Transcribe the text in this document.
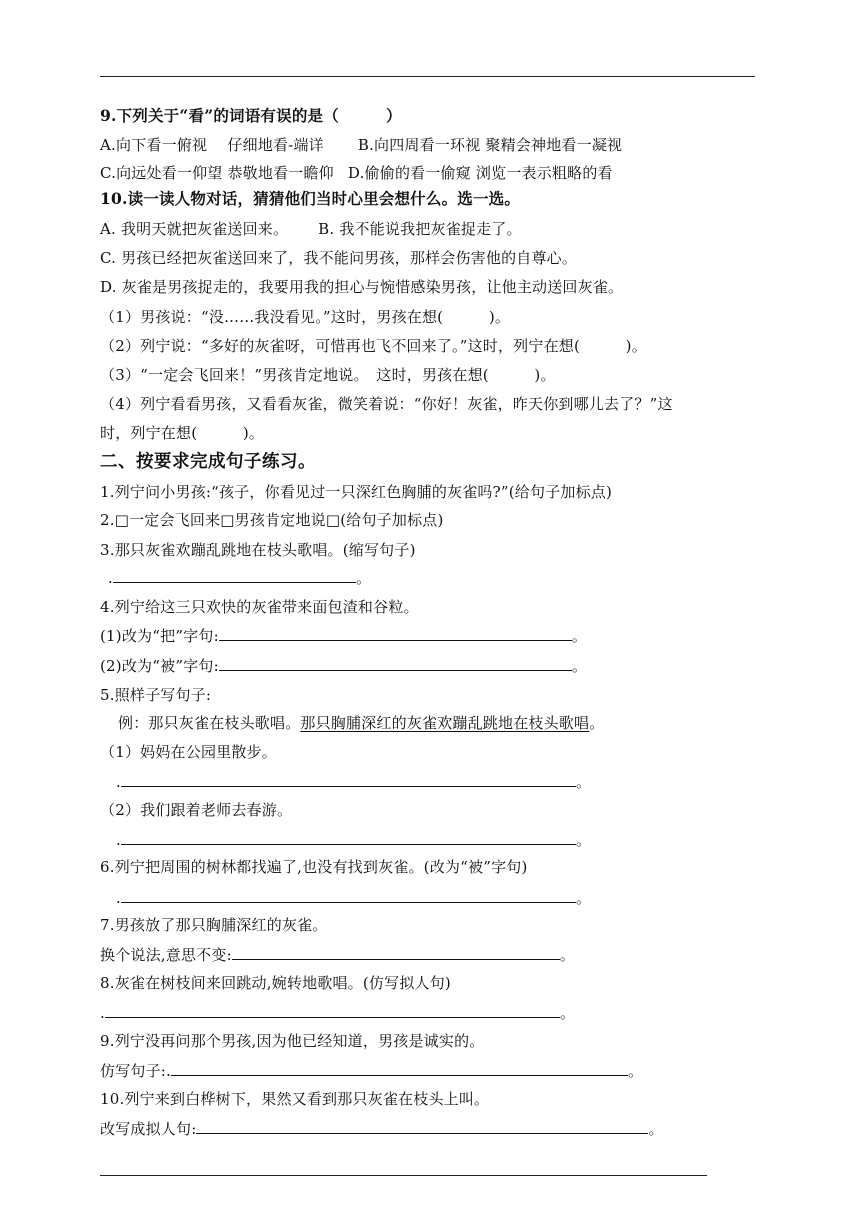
9.下列关于“看”的词语有误的是（　　　）
A.向下看一俯视　 仔细地看-端详 B.向四周看一环视 聚精会神地看一凝视
C.向远处看一仰望 恭敬地看一瞻仰 D.偷偷的看一偷窥 浏览一表示粗略的看
10.读一读人物对话，猜猜他们当时心里会想什么。选一选。
A. 我明天就把灰雀送回来。 B. 我不能说我把灰雀捉走了。
C. 男孩已经把灰雀送回来了，我不能问男孩，那样会伤害他的自尊心。
D. 灰雀是男孩捉走的，我要用我的担心与惋惜感染男孩，让他主动送回灰雀。
（1）男孩说：“没……我没看见。”这时，男孩在想(　　　)。
（2）列宁说：“多好的灰雀呀，可惜再也飞不回来了。”这时，列宁在想(　　　)。
（3）“一定会飞回来！”男孩肯定地说。　这时，男孩在想(　　　)。
（4）列宁看看男孩，又看看灰雀，微笑着说：“你好！灰雀，昨天你到哪儿去了？”这
时，列宁在想(　　　)。
二、按要求完成句子练习。
1.列宁问小男孩:“孩子，你看见过一只深红色胸脯的灰雀吗?”(给句子加标点)
2.□一定会飞回来□男孩肯定地说□(给句子加标点)
3.那只灰雀欢蹦乱跳地在枝头歌唱。(缩写句子)
.	。
4.列宁给这三只欢快的灰雀带来面包渣和谷粒。
(1)改为“把”字句:	。
(2)改为“被”字句:	。
5.照样子写句子:
例：那只灰雀在枝头歌唱。那只胸脯深红的灰雀欢蹦乱跳地在枝头歌唱。
（1）妈妈在公园里散步。
.	。
（2）我们跟着老师去春游。
.	。
6.列宁把周围的树林都找遍了,也没有找到灰雀。(改为“被”字句)
.	。
7.男孩放了那只胸脯深红的灰雀。
换个说法,意思不变:	。
8.灰雀在树枝间来回跳动,婉转地歌唱。(仿写拟人句)
.	。
9.列宁没再问那个男孩,因为他已经知道，男孩是诚实的。
仿写句子:.	。
10.列宁来到白桦树下，果然又看到那只灰雀在枝头上叫。
改写成拟人句:	。
